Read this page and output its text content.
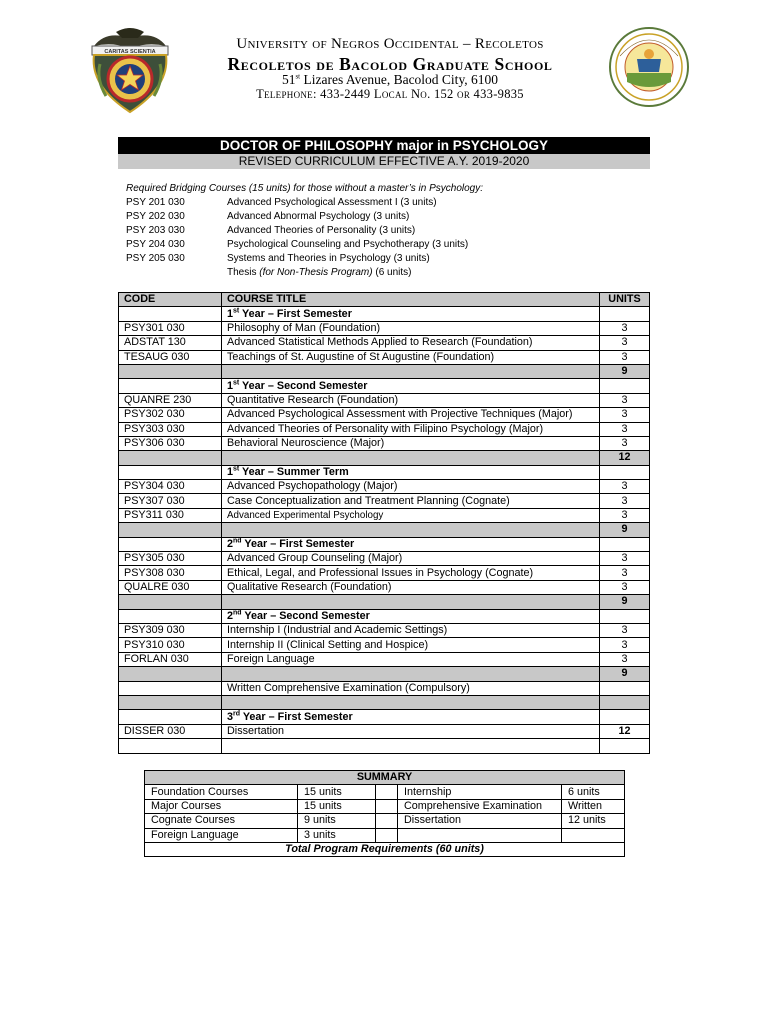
CARITAS SCIENTIA	University of Negros Occidental – Recoletos
Recoletos de Bacolod Graduate School
51st Lizares Avenue, Bacolod City, 6100
Telephone: 433-2449 Local No. 152 or 433-9835
DOCTOR OF PHILOSOPHY major in PSYCHOLOGY
REVISED CURRICULUM EFFECTIVE A.Y. 2019-2020
Required Bridging Courses (15 units) for those without a master’s in Psychology:
PSY 201 030	Advanced Psychological Assessment I (3 units)
PSY 202 030	Advanced Abnormal Psychology (3 units)
PSY 203 030	Advanced Theories of Personality (3 units)
PSY 204 030	Psychological Counseling and Psychotherapy (3 units)
PSY 205 030	Systems and Theories in Psychology (3 units)
Thesis (for Non-Thesis Program) (6 units)
CODE	COURSE TITLE	UNITS
	1st Year – First Semester	
PSY301 030	Philosophy of Man (Foundation)	3
ADSTAT 130	Advanced Statistical Methods Applied to Research (Foundation)	3
TESAUG 030	Teachings of St. Augustine of St Augustine (Foundation)	3
		9
	1st Year – Second Semester	
QUANRE 230	Quantitative Research (Foundation)	3
PSY302 030	Advanced Psychological Assessment with Projective Techniques (Major)	3
PSY303 030	Advanced Theories of Personality with Filipino Psychology (Major)	3
PSY306 030	Behavioral Neuroscience (Major)	3
		12
	1st Year – Summer Term	
PSY304 030	Advanced Psychopathology (Major)	3
PSY307 030	Case Conceptualization and Treatment Planning (Cognate)	3
PSY311 030	Advanced Experimental Psychology	3
		9
	2nd Year – First Semester	
PSY305 030	Advanced Group Counseling (Major)	3
PSY308 030	Ethical, Legal, and Professional Issues in Psychology (Cognate)	3
QUALRE 030	Qualitative Research (Foundation)	3
		9
	2nd Year – Second Semester	
PSY309 030	Internship I (Industrial and Academic Settings)	3
PSY310 030	Internship II (Clinical Setting and Hospice)	3
FORLAN 030	Foreign Language	3
		9
	Written Comprehensive Examination (Compulsory)	

	3rd Year – First Semester	
DISSER 030	Dissertation	12

SUMMARY				
Foundation Courses	15 units		Internship	6 units
Major Courses	15 units		Comprehensive Examination	Written
Cognate Courses	9 units		Dissertation	12 units
Foreign Language	3 units			
Total Program Requirements (60 units)				
